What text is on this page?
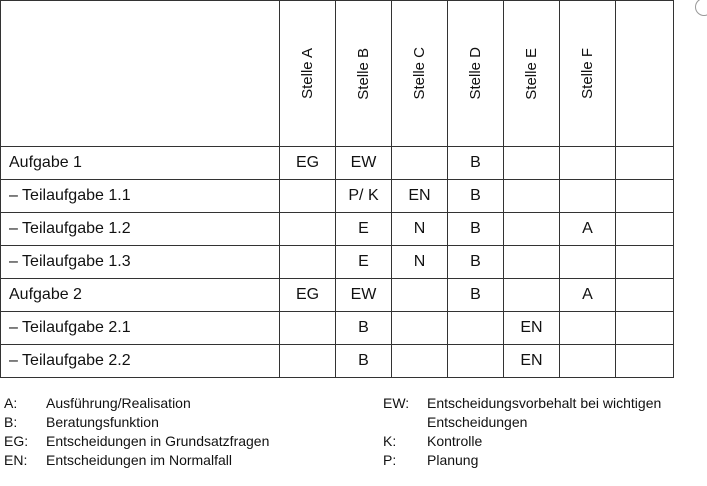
	Stelle A	Stelle B	Stelle C	Stelle D	Stelle E	Stelle F	

Aufgabe 1	EG	EW		B			
– Teilaufgabe 1.1		P/ K	EN	B			
– Teilaufgabe 1.2		E	N	B		A	
– Teilaufgabe 1.3		E	N	B			
Aufgabe 2	EG	EW		B		A	
– Teilaufgabe 2.1		B			EN		
– Teilaufgabe 2.2		B			EN		
A: Ausführung/Realisation
B: Beratungsfunktion
EG: Entscheidungen in Grundsatzfragen
EN: Entscheidungen im Normalfall
EW: Entscheidungsvorbehalt bei wichtigen
Entscheidungen
K: Kontrolle
P: Planung
